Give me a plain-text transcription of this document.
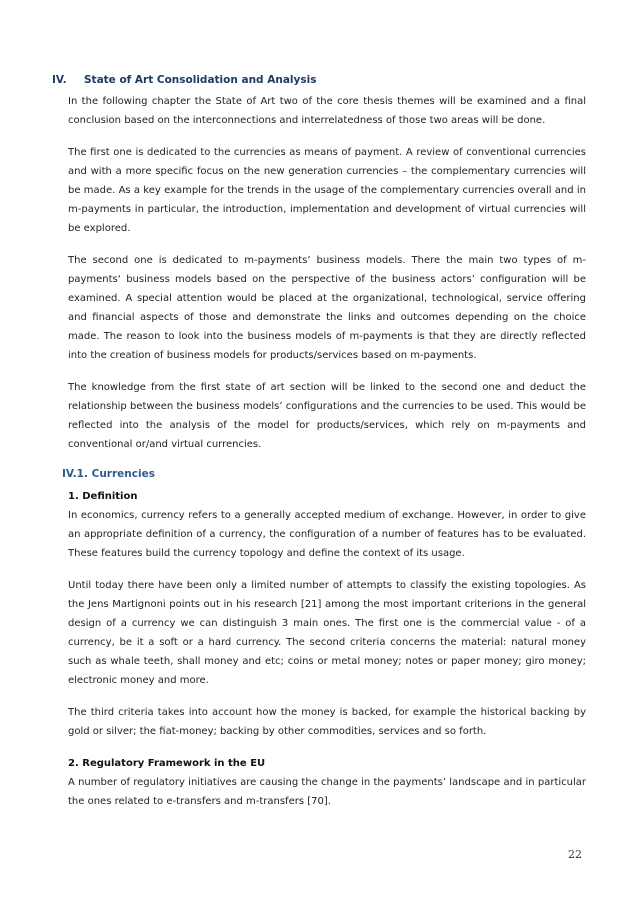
IV. State of Art Consolidation and Analysis

In the following chapter the State of Art two of the core thesis themes will be examined and a final conclusion based on the interconnections and interrelatedness of those two areas will be done.

The first one is dedicated to the currencies as means of payment. A review of conventional currencies and with a more specific focus on the new generation currencies – the complementary currencies will be made. As a key example for the trends in the usage of the complementary currencies overall and in m-payments in particular, the introduction, implementation and development of virtual currencies will be explored.

The second one is dedicated to m-payments’ business models. There the main two types of m-payments‘ business models based on the perspective of the business actors’ configuration will be examined. A special attention would be placed at the organizational, technological, service offering and financial aspects of those and demonstrate the links and outcomes depending on the choice made. The reason to look into the business models of m-payments is that they are directly reflected into the creation of business models for products/services based on m-payments.

The knowledge from the first state of art section will be linked to the second one and deduct the relationship between the business models’ configurations and the currencies to be used. This would be reflected into the analysis of the model for products/services, which rely on m-payments and conventional or/and virtual currencies.

IV.1. Currencies
1. Definition

In economics, currency refers to a generally accepted medium of exchange. However, in order to give an appropriate definition of a currency, the configuration of a number of features has to be evaluated. These features build the currency topology and define the context of its usage.

Until today there have been only a limited number of attempts to classify the existing topologies. As the Jens Martignoni points out in his research [21] among the most important criterions in the general design of a currency we can distinguish 3 main ones. The first one is the commercial value - of a currency, be it a soft or a hard currency. The second criteria concerns the material: natural money such as whale teeth, shall money and etc; coins or metal money; notes or paper money; giro money; electronic money and more.

The third criteria takes into account how the money is backed, for example the historical backing by gold or silver; the fiat-money; backing by other commodities, services and so forth.

2. Regulatory Framework in the EU

A number of regulatory initiatives are causing the change in the payments’ landscape and in particular the ones related to e-transfers and m-transfers [70].

22
